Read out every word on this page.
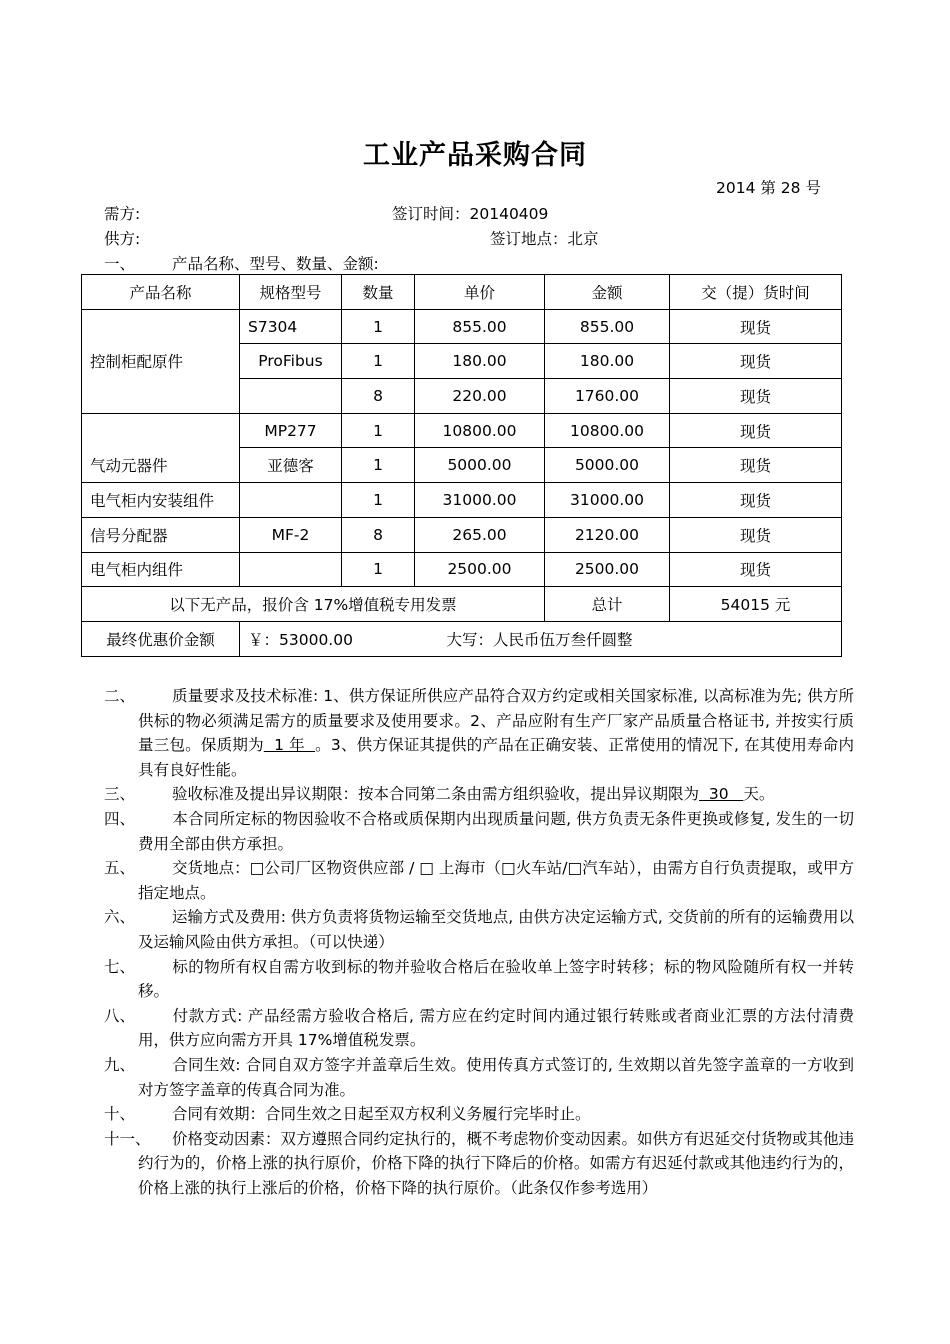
工业产品采购合同
2014 第 28 号
需方:	签订时间：20140409
供方:	签订地点：北京
一、 产品名称、型号、数量、金额:
产品名称	规格型号	数量	单价	金额	交（提）货时间
控制柜配原件	S7304	1	855.00	855.00	现货
	ProFibus	1	180.00	180.00	现货
		8	220.00	1760.00	现货
气动元器件	MP277	1	10800.00	10800.00	现货
	亚德客	1	5000.00	5000.00	现货
电气柜内安装组件		1	31000.00	31000.00	现货
信号分配器	MF-2	8	265.00	2120.00	现货
电气柜内组件		1	2500.00	2500.00	现货
以下无产品，报价含 17%增值税专用发票				总计	54015 元
最终优惠价金额	￥：53000.00		大写：人民币伍万叁仟圆整		
二、 质量要求及技术标准: 1、供方保证所供应产品符合双方约定或相关国家标准, 以高标准为先; 供方所供标的物必须满足需方的质量要求及使用要求。2、产品应附有生产厂家产品质量合格证书, 并按实行质量三包。保质期为  1 年  。3、供方保证其提供的产品在正确安装、正常使用的情况下, 在其使用寿命内具有良好性能。
三、 验收标准及提出异议期限：按本合同第二条由需方组织验收，提出异议期限为  30   天。
四、 本合同所定标的物因验收不合格或质保期内出现质量问题, 供方负责无条件更换或修复, 发生的一切费用全部由供方承担。
五、 交货地点：□公司厂区物资供应部 / □ 上海市（□火车站/□汽车站），由需方自行负责提取，或甲方指定地点。
六、 运输方式及费用: 供方负责将货物运输至交货地点, 由供方决定运输方式, 交货前的所有的运输费用以及运输风险由供方承担。（可以快递）
七、 标的物所有权自需方收到标的物并验收合格后在验收单上签字时转移；标的物风险随所有权一并转移。
八、 付款方式: 产品经需方验收合格后, 需方应在约定时间内通过银行转账或者商业汇票的方法付清费用，供方应向需方开具 17%增值税发票。
九、 合同生效: 合同自双方签字并盖章后生效。使用传真方式签订的, 生效期以首先签字盖章的一方收到对方签字盖章的传真合同为准。
十、 合同有效期：合同生效之日起至双方权利义务履行完毕时止。
十一、 价格变动因素：双方遵照合同约定执行的，概不考虑物价变动因素。如供方有迟延交付货物或其他违约行为的，价格上涨的执行原价，价格下降的执行下降后的价格。如需方有迟延付款或其他违约行为的，价格上涨的执行上涨后的价格，价格下降的执行原价。（此条仅作参考选用）
